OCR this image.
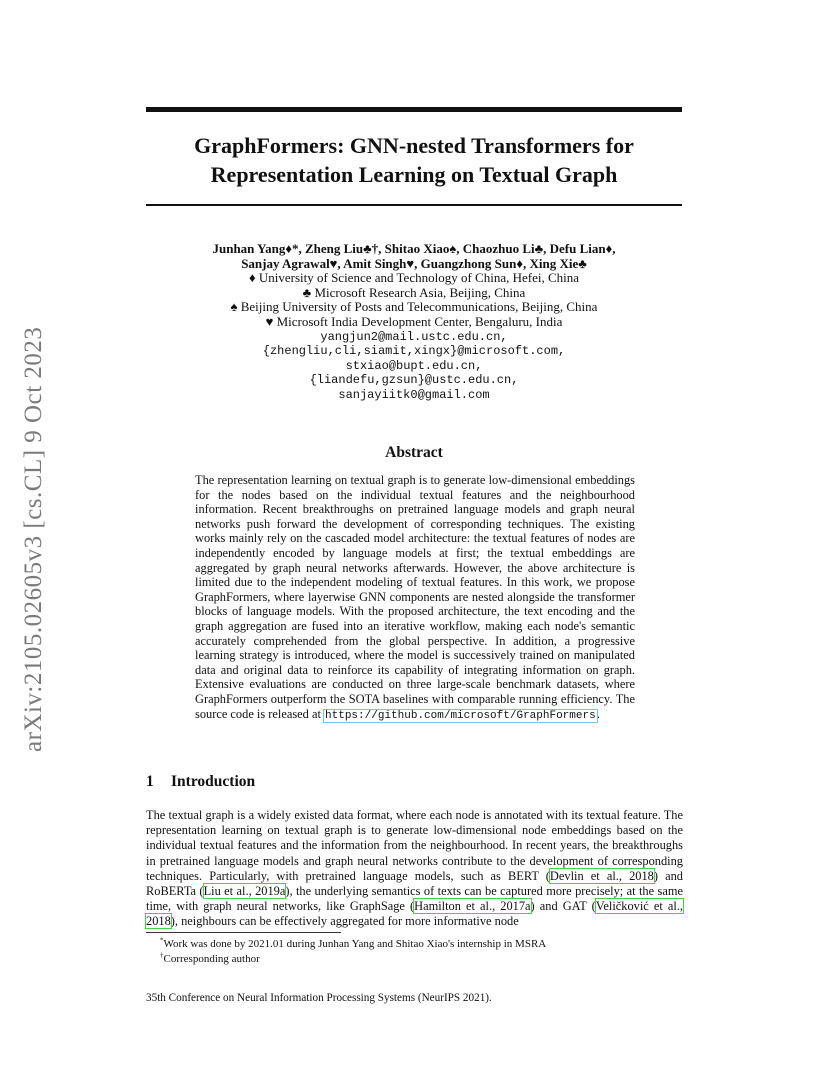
arXiv:2105.02605v3 [cs.CL] 9 Oct 2023
GraphFormers: GNN-nested Transformers for
Representation Learning on Textual Graph
Junhan Yang♦*, Zheng Liu♣†, Shitao Xiao♠, Chaozhuo Li♣, Defu Lian♦,
Sanjay Agrawal♥, Amit Singh♥, Guangzhong Sun♦, Xing Xie♣
♦ University of Science and Technology of China, Hefei, China
♣ Microsoft Research Asia, Beijing, China
♠ Beijing University of Posts and Telecommunications, Beijing, China
♥ Microsoft India Development Center, Bengaluru, India
yangjun2@mail.ustc.edu.cn,
{zhengliu,cli,siamit,xingx}@microsoft.com,
stxiao@bupt.edu.cn,
{liandefu,gzsun}@ustc.edu.cn,
sanjayiitk0@gmail.com
Abstract
The representation learning on textual graph is to generate low-dimensional embeddings for the nodes based on the individual textual features and the neighbourhood information. Recent breakthroughs on pretrained language models and graph neural networks push forward the development of corresponding techniques. The existing works mainly rely on the cascaded model architecture: the textual features of nodes are independently encoded by language models at first; the textual embeddings are aggregated by graph neural networks afterwards. However, the above architecture is limited due to the independent modeling of textual features. In this work, we propose GraphFormers, where layerwise GNN components are nested alongside the transformer blocks of language models. With the proposed architecture, the text encoding and the graph aggregation are fused into an iterative workflow, making each node's semantic accurately comprehended from the global perspective. In addition, a progressive learning strategy is introduced, where the model is successively trained on manipulated data and original data to reinforce its capability of integrating information on graph. Extensive evaluations are conducted on three large-scale benchmark datasets, where GraphFormers outperform the SOTA baselines with comparable running efficiency. The source code is released at https://github.com/microsoft/GraphFormers.
1 Introduction
The textual graph is a widely existed data format, where each node is annotated with its textual feature. The representation learning on textual graph is to generate low-dimensional node embeddings based on the individual textual features and the information from the neighbourhood. In recent years, the breakthroughs in pretrained language models and graph neural networks contribute to the development of corresponding techniques. Particularly, with pretrained language models, such as BERT (Devlin et al., 2018) and RoBERTa (Liu et al., 2019a), the underlying semantics of texts can be captured more precisely; at the same time, with graph neural networks, like GraphSage (Hamilton et al., 2017a) and GAT (Veličković et al., 2018), neighbours can be effectively aggregated for more informative node
*Work was done by 2021.01 during Junhan Yang and Shitao Xiao's internship in MSRA
†Corresponding author
35th Conference on Neural Information Processing Systems (NeurIPS 2021).
